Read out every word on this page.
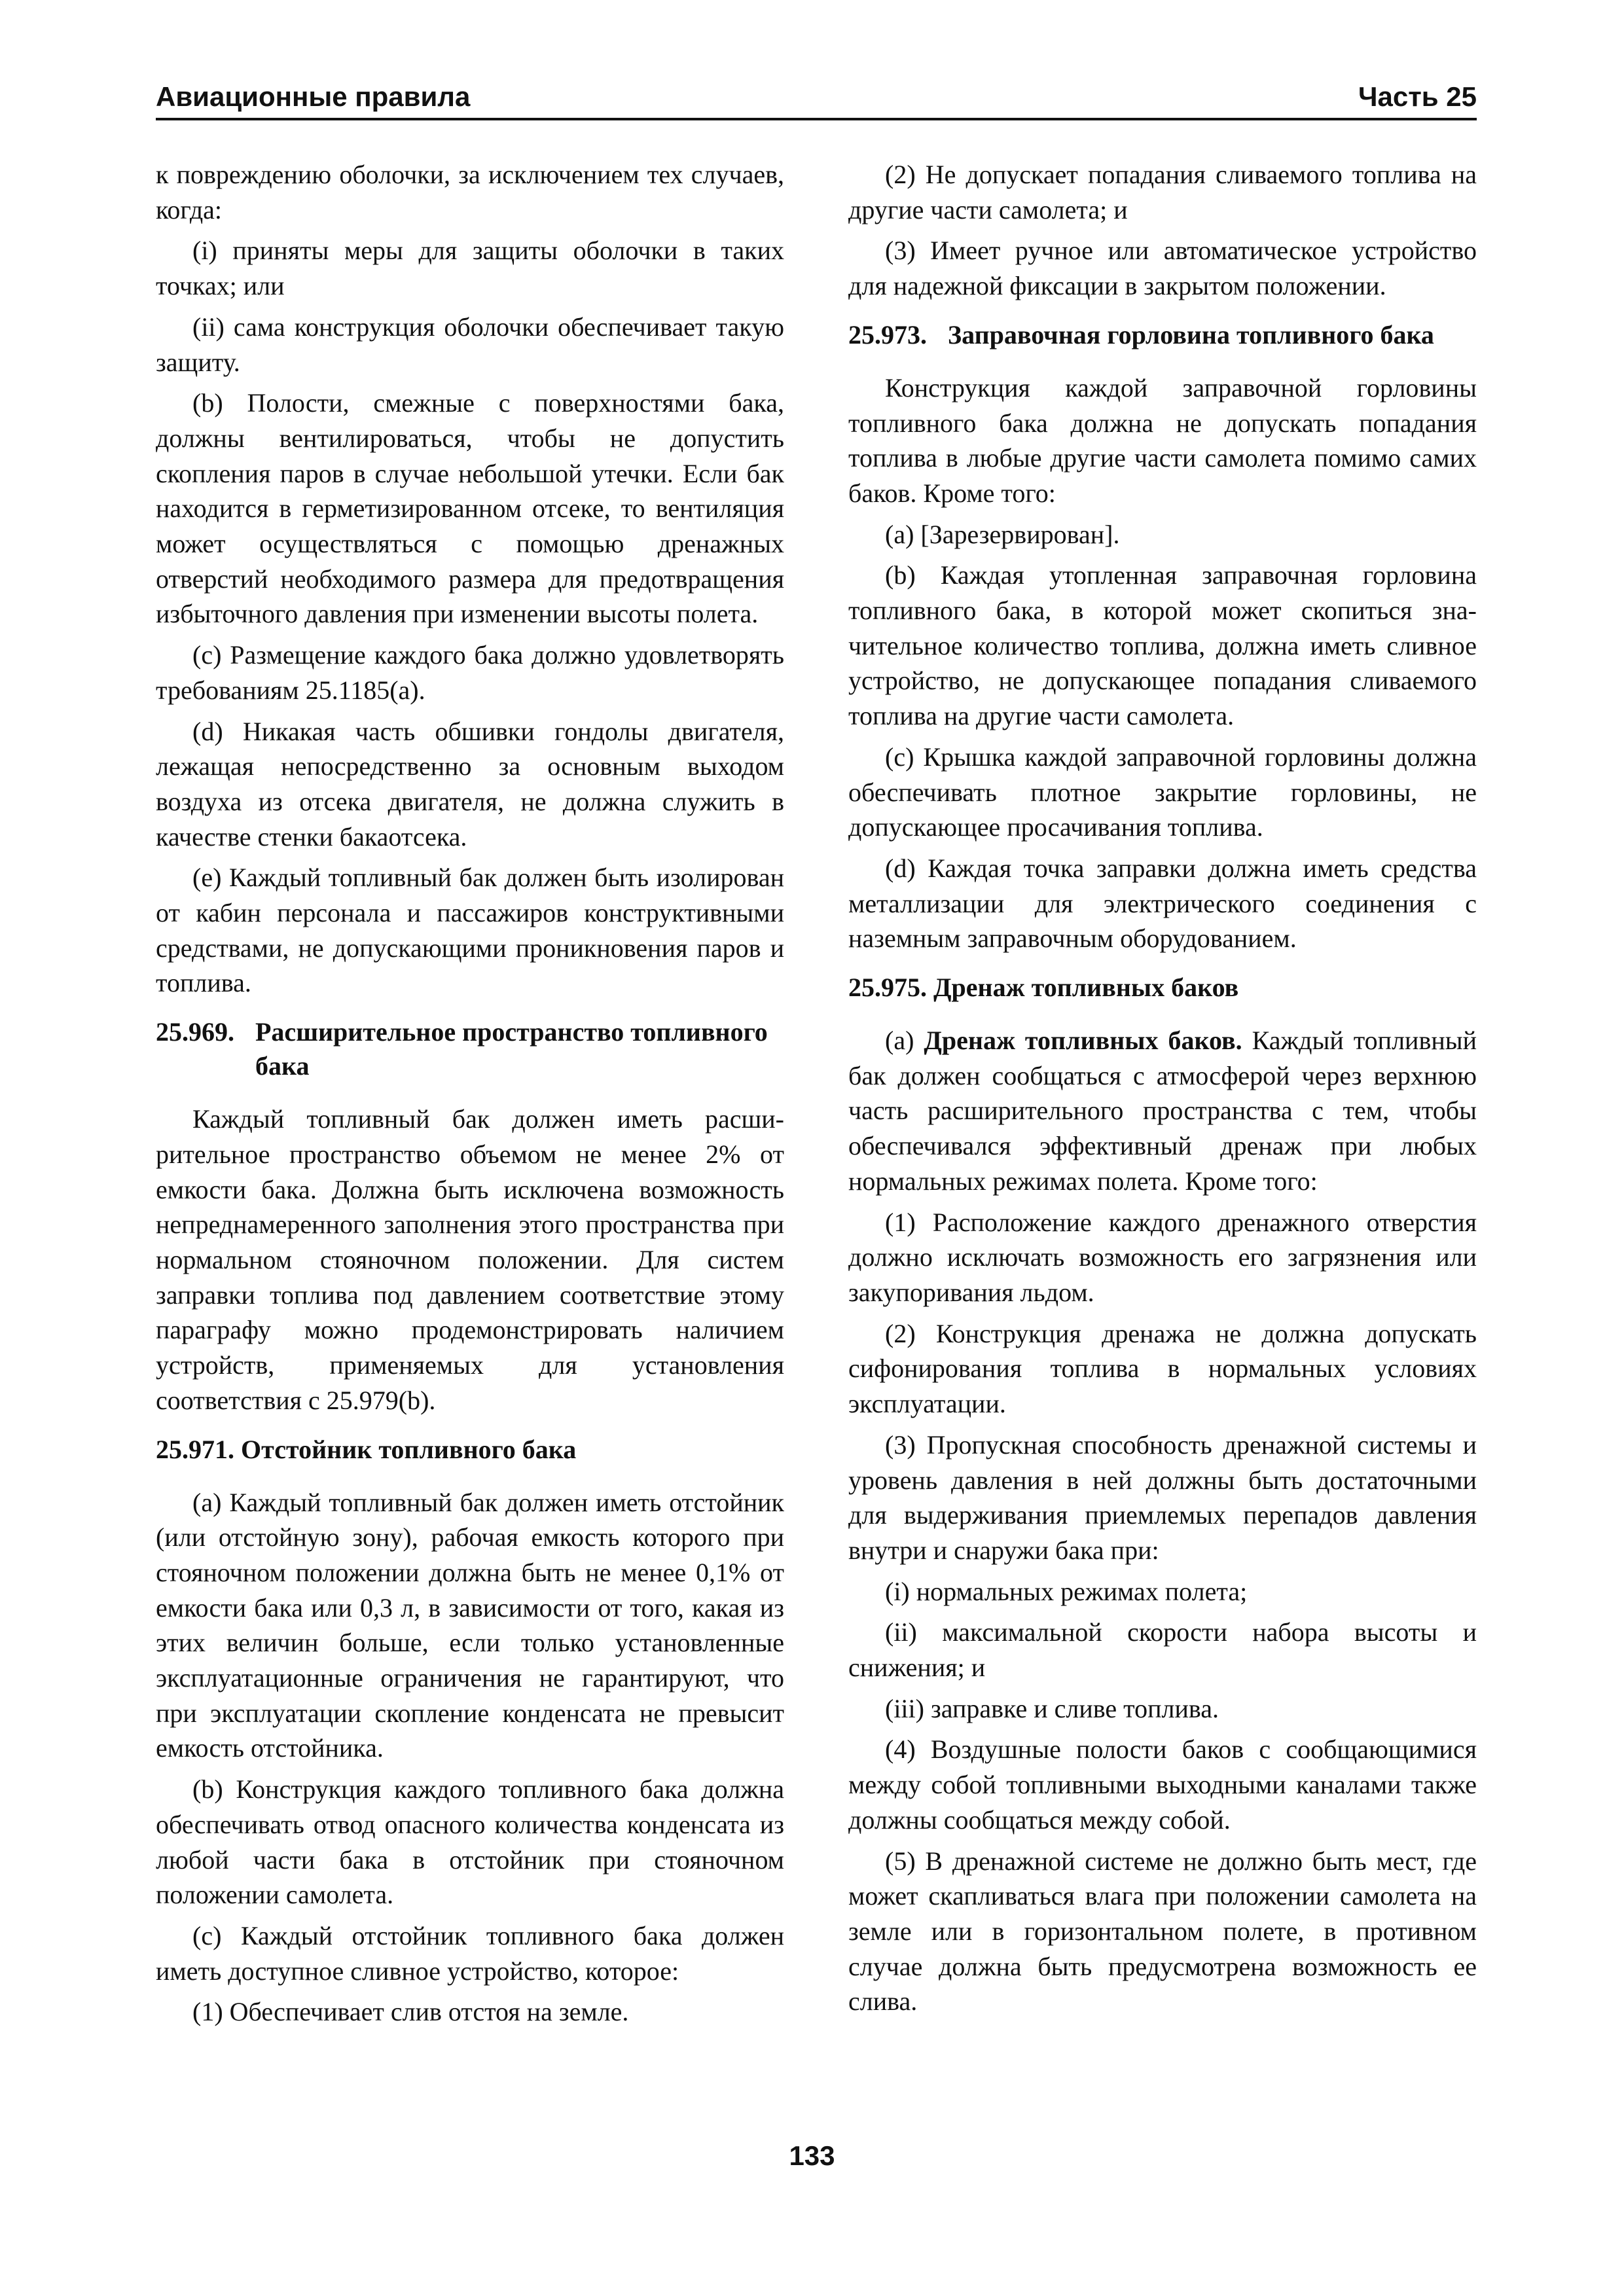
Авиационные правила	Часть 25

к повреждению оболочки, за исключением тех случаев, когда:

(i) приняты меры для защиты оболочки в таких точках; или

(ii) сама конструкция оболочки обеспечивает такую защиту.

(b) Полости, смежные с поверхностями бака, должны вентилироваться, чтобы не допустить скопления паров в случае небольшой утечки. Если бак находится в герметизированном отсеке, то вентиляция может осуществляться с помощью дренажных отверстий необходимого размера для предотвращения избыточного давления при изменении высоты полета.

(c) Размещение каждого бака должно удовлетворять требованиям 25.1185(a).

(d) Никакая часть обшивки гондолы двигателя, лежащая непосредственно за основным выходом воздуха из отсека двигателя, не должна служить в качестве стенки бакаотсека.

(e) Каждый топливный бак должен быть изолирован от кабин персонала и пассажиров конструктивными средствами, не допускающими проникновения паров и топлива.

25.969. Расширительное пространство топливного бака

Каждый топливный бак должен иметь расширительное пространство объемом не менее 2% от емкости бака. Должна быть исключена возможность непреднамеренного заполнения этого пространства при нормальном стояночном положении. Для систем заправки топлива под давлением соответствие этому параграфу можно продемонстрировать наличием устройств, применяемых для установления соответствия с 25.979(b).

25.971. Отстойник топливного бака

(a) Каждый топливный бак должен иметь отстойник (или отстойную зону), рабочая емкость которого при стояночном положении должна быть не менее 0,1% от емкости бака или 0,3 л, в зависимости от того, какая из этих величин больше, если только установленные эксплуатационные ограничения не гарантируют, что при эксплуатации скопление конденсата не превысит емкость отстойника.

(b) Конструкция каждого топливного бака должна обеспечивать отвод опасного количества конденсата из любой части бака в отстойник при стояночном положении самолета.

(c) Каждый отстойник топливного бака должен иметь доступное сливное устройство, которое:

(1) Обеспечивает слив отстоя на земле.

(2) Не допускает попадания сливаемого топлива на другие части самолета; и

(3) Имеет ручное или автоматическое устройство для надежной фиксации в закрытом положении.

25.973. Заправочная горловина топливного бака

Конструкция каждой заправочной горловины топливного бака должна не допускать попадания топлива в любые другие части самолета помимо самих баков. Кроме того:

(a) [Зарезервирован].

(b) Каждая утопленная заправочная горловина топливного бака, в которой может скопиться значительное количество топлива, должна иметь сливное устройство, не допускающее попадания сливаемого топлива на другие части самолета.

(c) Крышка каждой заправочной горловины должна обеспечивать плотное закрытие горловины, не допускающее просачивания топлива.

(d) Каждая точка заправки должна иметь средства металлизации для электрического соединения с наземным заправочным оборудованием.

25.975. Дренаж топливных баков

(a) Дренаж топливных баков. Каждый топливный бак должен сообщаться с атмосферой через верхнюю часть расширительного пространства с тем, чтобы обеспечивался эффективный дренаж при любых нормальных режимах полета. Кроме того:

(1) Расположение каждого дренажного отверстия должно исключать возможность его загрязнения или закупоривания льдом.

(2) Конструкция дренажа не должна допускать сифонирования топлива в нормальных условиях эксплуатации.

(3) Пропускная способность дренажной системы и уровень давления в ней должны быть достаточными для выдерживания приемлемых перепадов давления внутри и снаружи бака при:

(i) нормальных режимах полета;

(ii) максимальной скорости набора высоты и снижения; и

(iii) заправке и сливе топлива.

(4) Воздушные полости баков с сообщающимися между собой топливными выходными каналами также должны сообщаться между собой.

(5) В дренажной системе не должно быть мест, где может скапливаться влага при положении самолета на земле или в горизонтальном полете, в противном случае должна быть предусмотрена возможность ее слива.

133
